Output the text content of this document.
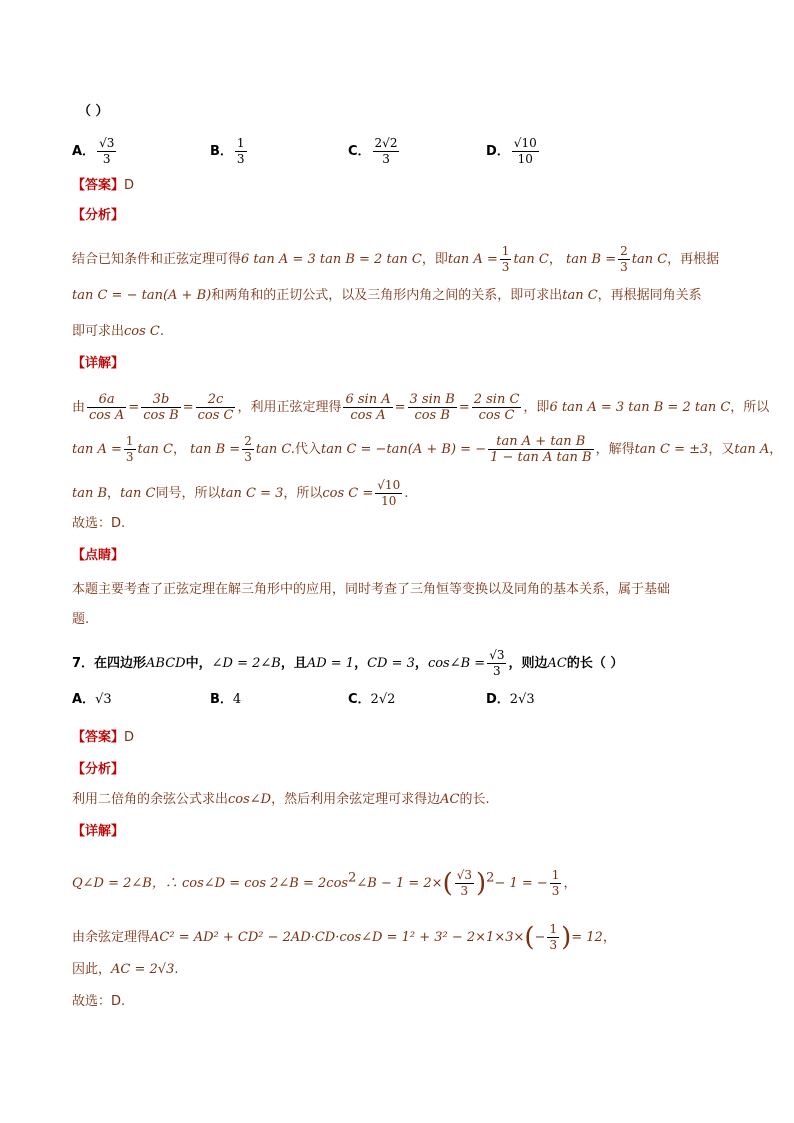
（ ）
A． $\frac{√3}{3}$	B． $\frac{1}{3}$	C． $\frac{2√2}{3}$	D． $\frac{√10}{10}$
【答案】D
【分析】
结合已知条件和正弦定理可得6 tan A = 3 tan B = 2 tan C，即$\tan A = \frac{1}{3}$ tan C， $\tan B = \frac{2}{3}$ tan C，再根据
tan C = − tan(A + B)和两角和的正切公式，以及三角形内角之间的关系，即可求出tan C，再根据同角关系
即可求出cos C.
【详解】
由 $\frac{6a}{\text{cos A}} = \frac{3b}{\text{cos B}} = \frac{2c}{\text{cos C}}$ ，利用正弦定理得 $\frac{\text{6 sin A}}{\text{cos A}} = \frac{\text{3 sin B}}{\text{cos B}} = \frac{\text{2 sin C}}{\text{cos C}}$ ，即6 tan A = 3 tan B = 2 tan C，所以
$\tan A = \frac{1}{3}$ tan C， $\tan B = \frac{2}{3}$ tan C.代入tan C = −tan(A + B) = − $\frac{\text{tan A + tan B}}{\text{1 − tan A tan B}}$ ，解得tan C = ±3，又tan A，
tan B，tan C同号，所以tan C = 3，所以$\cos C = \frac{√10}{10}$ .
故选：D.
【点睛】
本题主要考查了正弦定理在解三角形中的应用，同时考查了三角恒等变换以及同角的基本关系，属于基础
题.
7．在四边形ABCD中，∠D = 2∠B，且AD = 1，CD = 3，cos∠B = $\frac{√3}{3}$ ，则边AC的长（ ）
A．√3	B．4	C．2√2	D．2√3
【答案】D
【分析】
利用二倍角的余弦公式求出cos∠D，然后利用余弦定理可求得边AC的长.
【详解】
Q∠D = 2∠B，∴ cos∠D = cos 2∠B = $2\cos^2\angle B - 1 = 2\times( \frac{√3}{3} )^2- 1$ = − $\frac{1}{3}$ ，
由余弦定理得AC² = AD² + CD² − 2AD·CD·cos∠D = $1^2 + 3^2 - 2\times 1\times 3\times(- \frac{1}{3}$ )= 12，
因此，AC = 2√3.
故选：D.
